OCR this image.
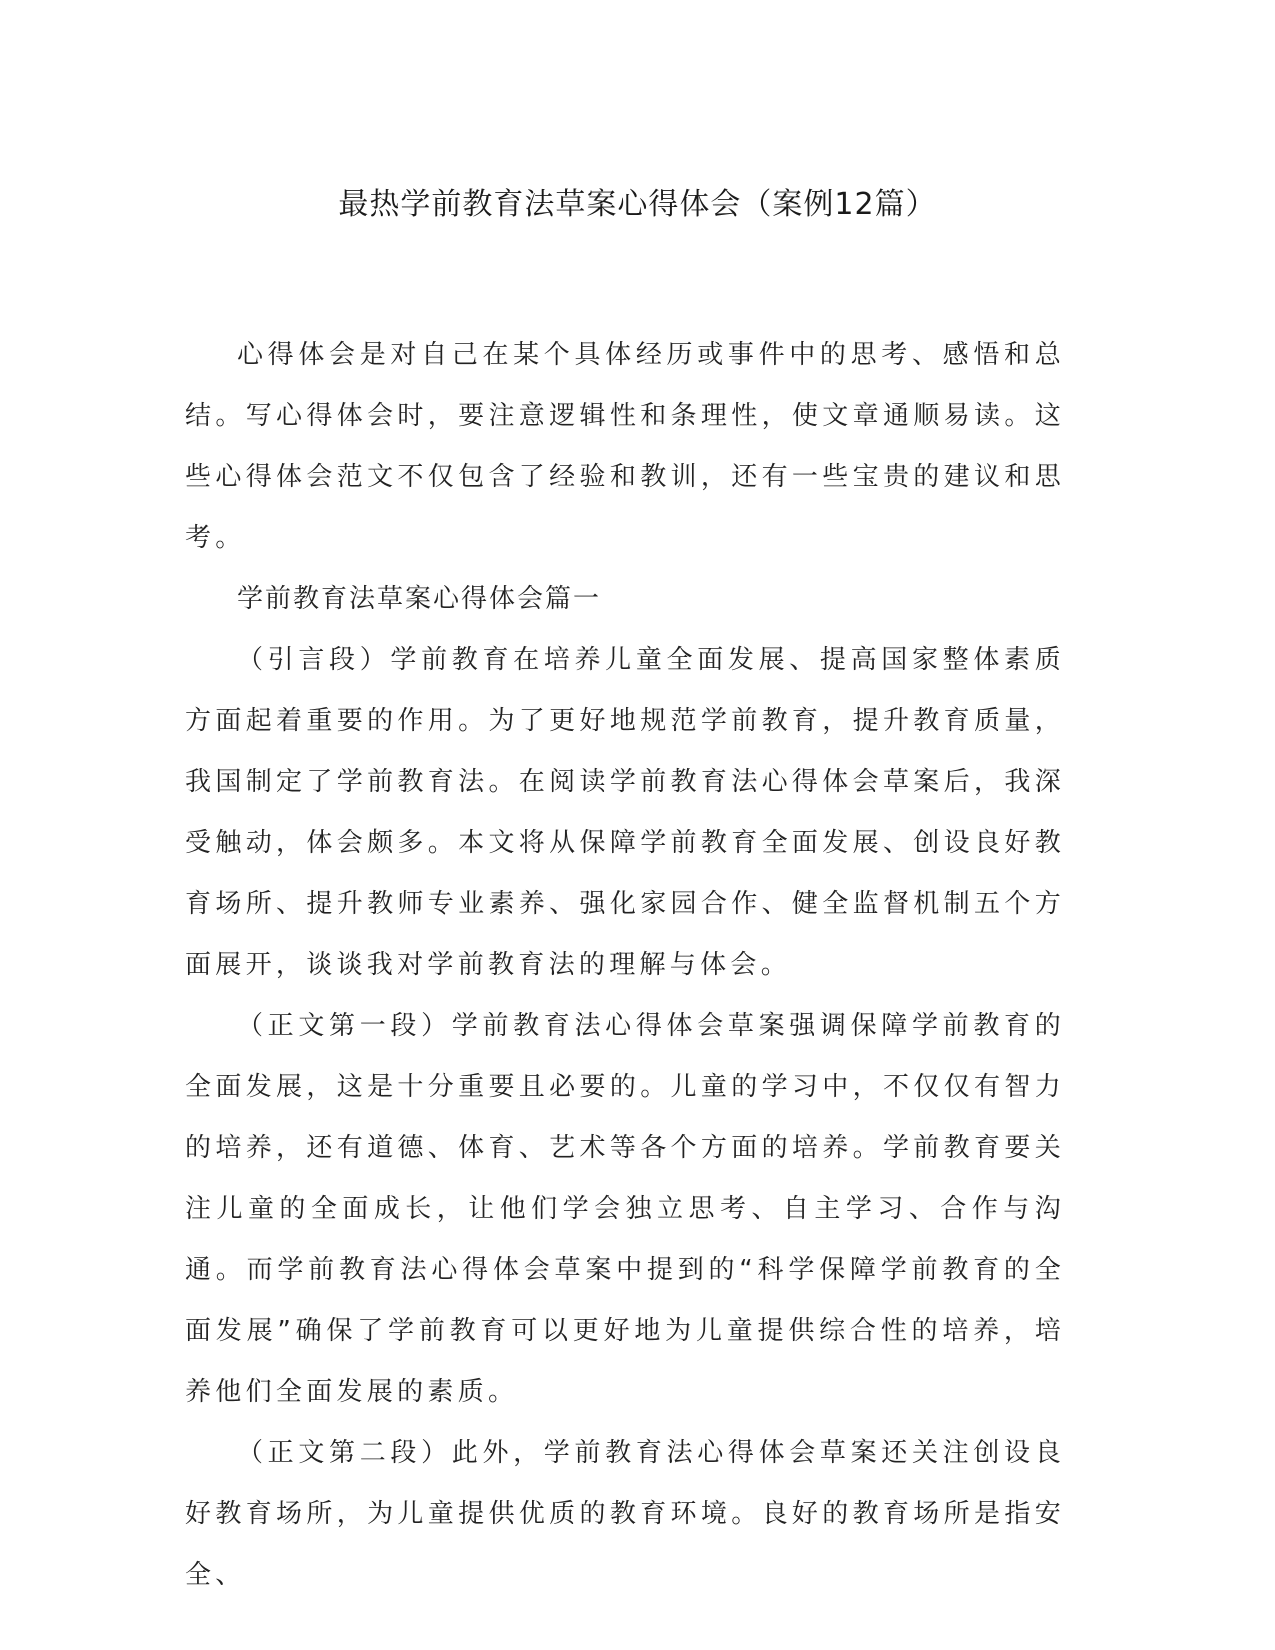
最热学前教育法草案心得体会（案例12篇）

心得体会是对自己在某个具体经历或事件中的思考、感悟和总结。写心得体会时，要注意逻辑性和条理性，使文章通顺易读。这些心得体会范文不仅包含了经验和教训，还有一些宝贵的建议和思考。

学前教育法草案心得体会篇一

（引言段）学前教育在培养儿童全面发展、提高国家整体素质方面起着重要的作用。为了更好地规范学前教育，提升教育质量，我国制定了学前教育法。在阅读学前教育法心得体会草案后，我深受触动，体会颇多。本文将从保障学前教育全面发展、创设良好教育场所、提升教师专业素养、强化家园合作、健全监督机制五个方面展开，谈谈我对学前教育法的理解与体会。

（正文第一段）学前教育法心得体会草案强调保障学前教育的全面发展，这是十分重要且必要的。儿童的学习中，不仅仅有智力的培养，还有道德、体育、艺术等各个方面的培养。学前教育要关注儿童的全面成长，让他们学会独立思考、自主学习、合作与沟通。而学前教育法心得体会草案中提到的“科学保障学前教育的全面发展”确保了学前教育可以更好地为儿童提供综合性的培养，培养他们全面发展的素质。

（正文第二段）此外，学前教育法心得体会草案还关注创设良好教育场所，为儿童提供优质的教育环境。良好的教育场所是指安全、
